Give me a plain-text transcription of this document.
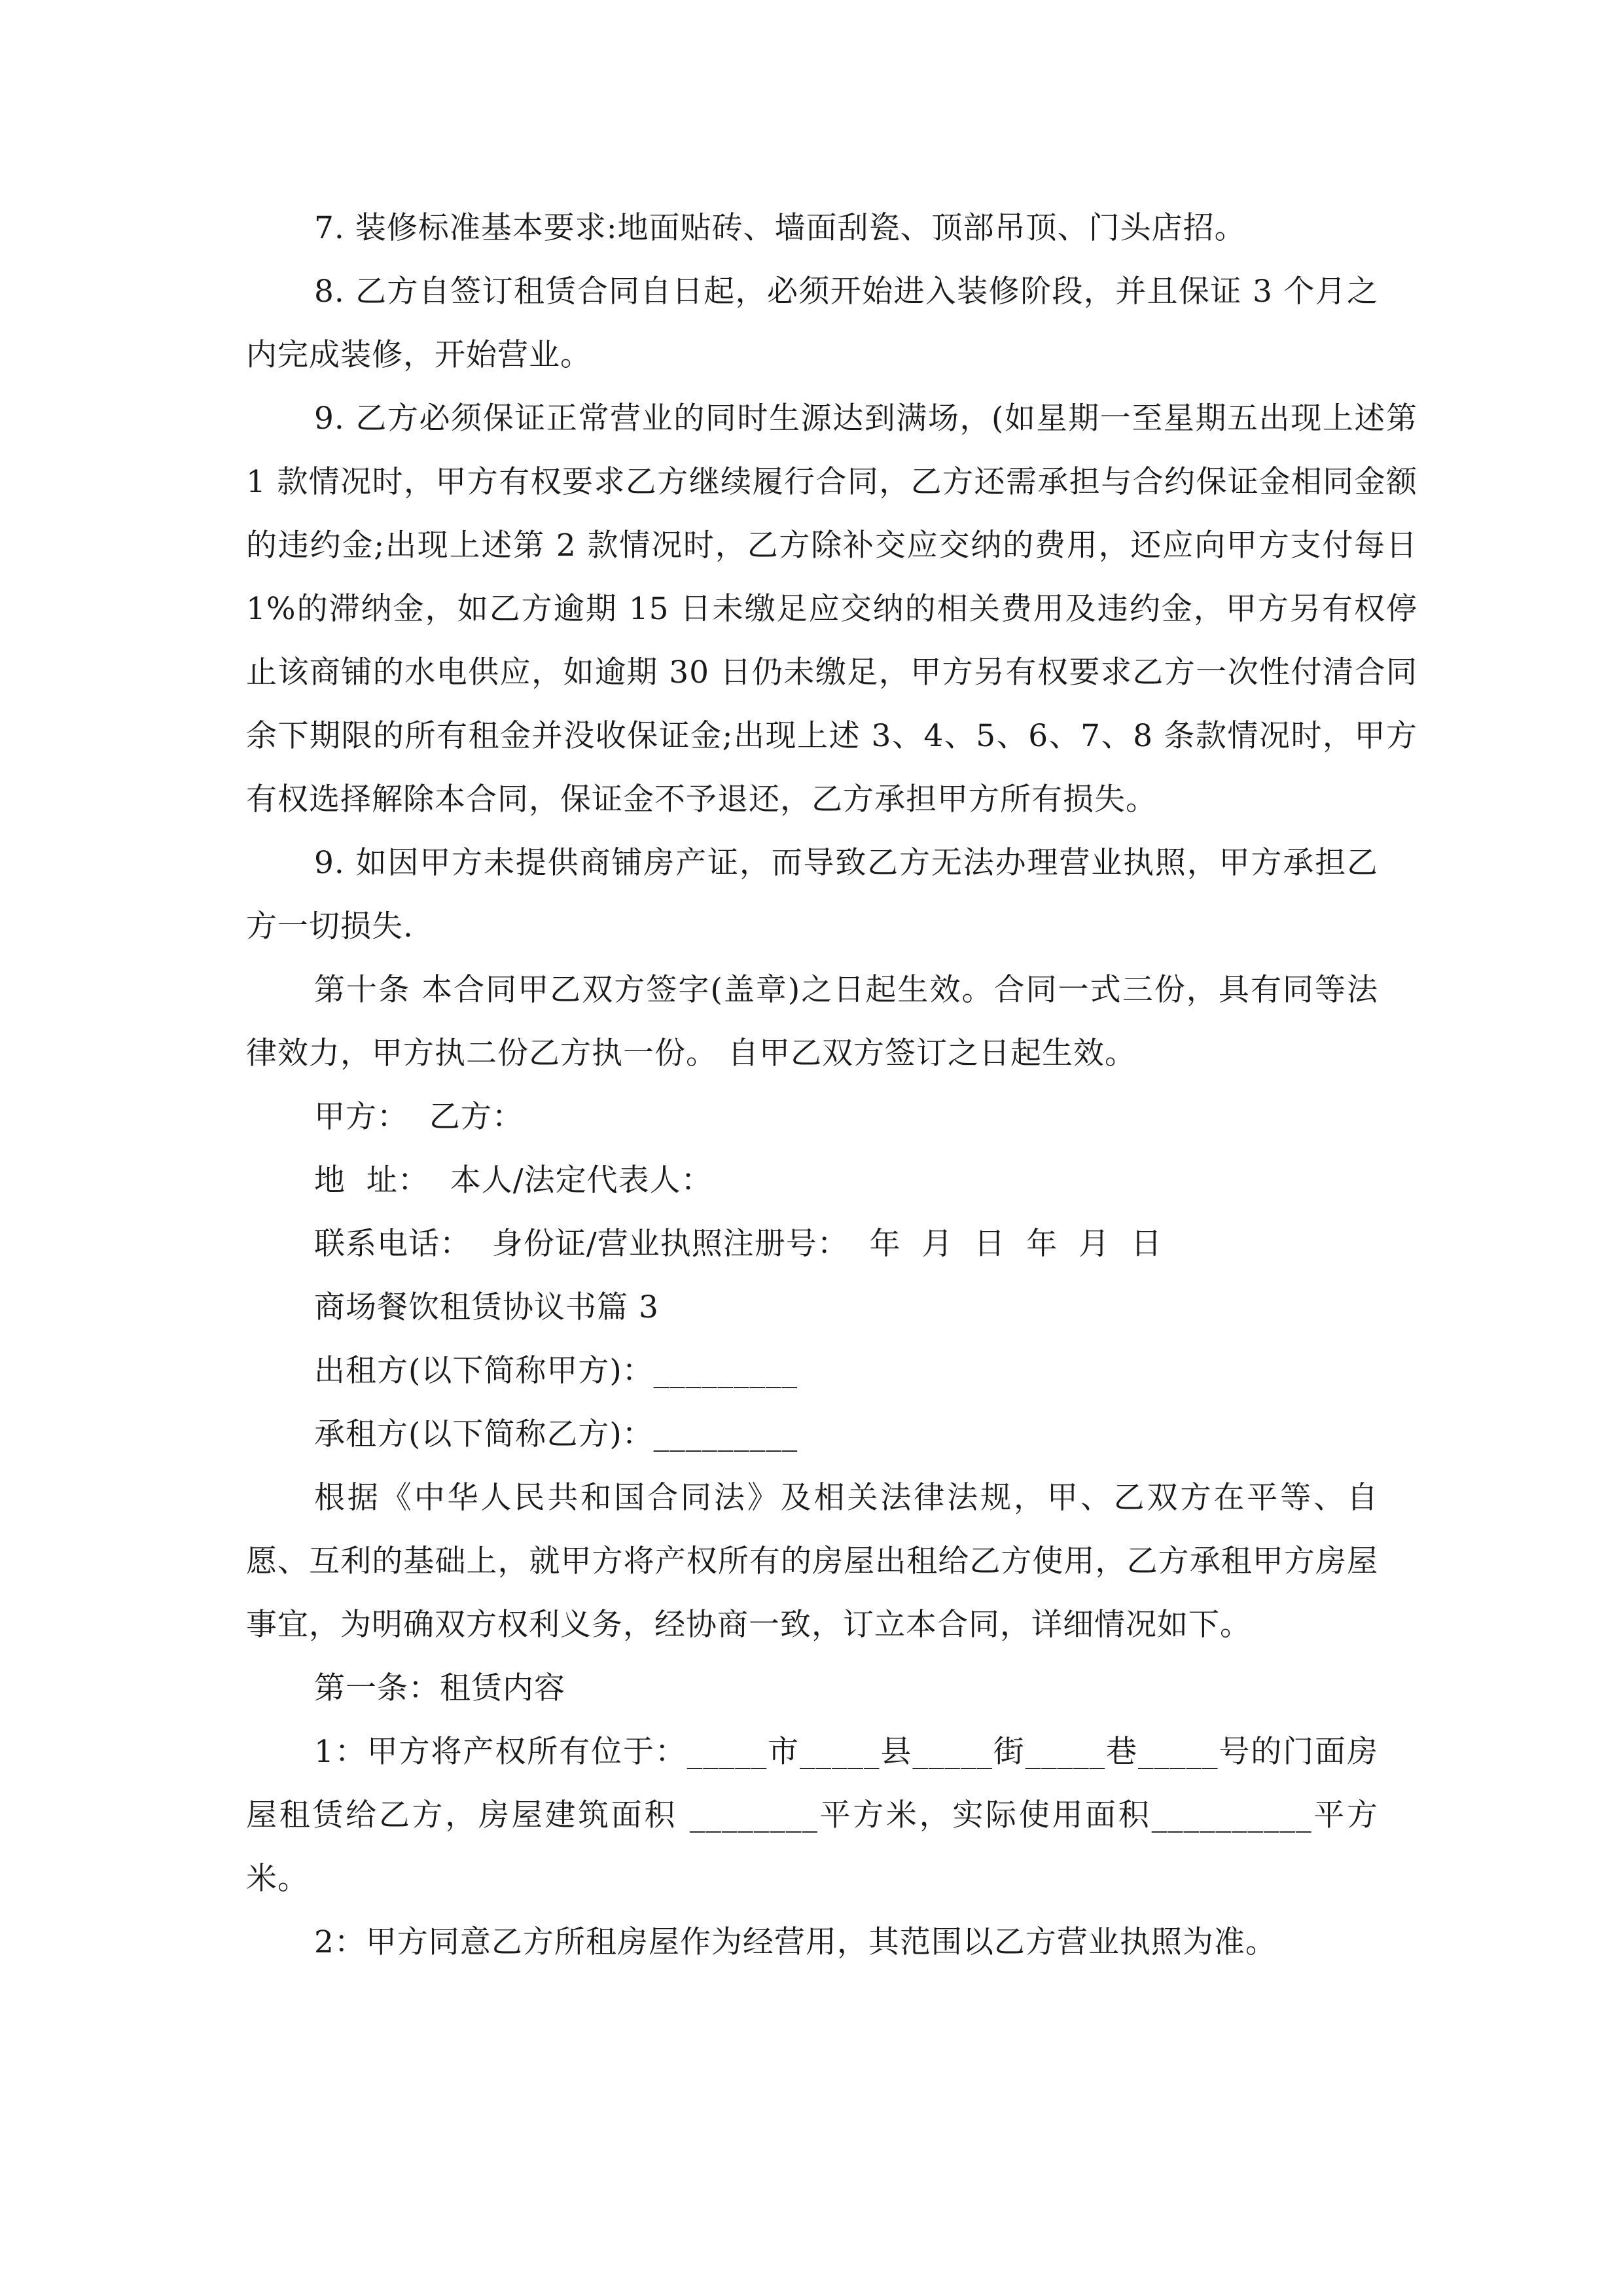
7. 装修标准基本要求:地面贴砖、墙面刮瓷、顶部吊顶、门头店招。

8. 乙方自签订租赁合同自日起，必须开始进入装修阶段，并且保证 3 个月之内完成装修，开始营业。

9. 乙方必须保证正常营业的同时生源达到满场，(如星期一至星期五出现上述第 1 款情况时，甲方有权要求乙方继续履行合同，乙方还需承担与合约保证金相同金额的违约金;出现上述第 2 款情况时，乙方除补交应交纳的费用，还应向甲方支付每日 1%的滞纳金，如乙方逾期 15 日未缴足应交纳的相关费用及违约金，甲方另有权停止该商铺的水电供应，如逾期 30 日仍未缴足，甲方另有权要求乙方一次性付清合同余下期限的所有租金并没收保证金;出现上述 3、4、5、6、7、8 条款情况时，甲方有权选择解除本合同，保证金不予退还，乙方承担甲方所有损失。

9. 如因甲方未提供商铺房产证，而导致乙方无法办理营业执照，甲方承担乙方一切损失.

第十条 本合同甲乙双方签字(盖章)之日起生效。合同一式三份，具有同等法律效力，甲方执二份乙方执一份。 自甲乙双方签订之日起生效。

甲方：  乙方：

地  址：  本人/法定代表人：

联系电话：  身份证/营业执照注册号：  年  月  日  年  月  日

商场餐饮租赁协议书篇 3

出租方(以下简称甲方)：_________

承租方(以下简称乙方)：_________

根据《中华人民共和国合同法》及相关法律法规，甲、乙双方在平等、自愿、互利的基础上，就甲方将产权所有的房屋出租给乙方使用，乙方承租甲方房屋事宜，为明确双方权利义务，经协商一致，订立本合同，详细情况如下。

第一条：租赁内容

1：甲方将产权所有位于：_____市_____县_____街_____巷_____号的门面房屋租赁给乙方，房屋建筑面积 ________平方米，实际使用面积__________平方米。

2：甲方同意乙方所租房屋作为经营用，其范围以乙方营业执照为准。
